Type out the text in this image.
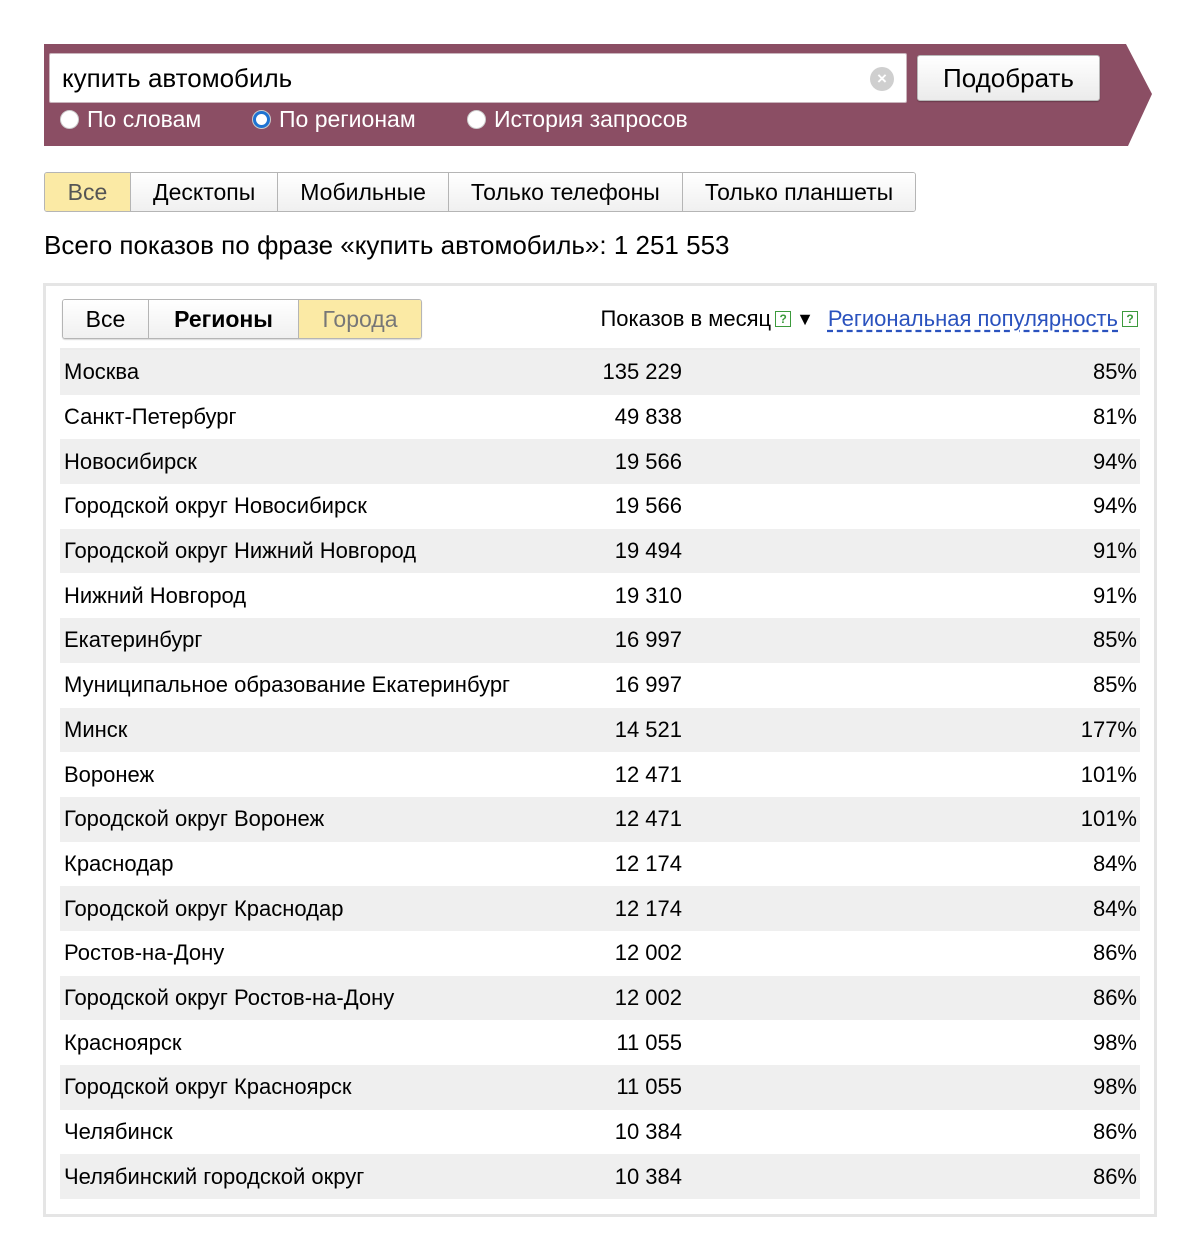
купить автомобиль
×	Подобрать
По словам	По регионам	История запросов
Все	Десктопы	Мобильные	Только телефоны	Только планшеты
Всего показов по фразе «купить автомобиль»: 1 251 553
Все	Регионы	Города	Показов в месяц ? ▼ Региональная популярность ?
Москва	135 229	85%
Санкт-Петербург	49 838	81%
Новосибирск	19 566	94%
Городской округ Новосибирск	19 566	94%
Городской округ Нижний Новгород	19 494	91%
Нижний Новгород	19 310	91%
Екатеринбург	16 997	85%
Муниципальное образование Екатеринбург	16 997	85%
Минск	14 521	177%
Воронеж	12 471	101%
Городской округ Воронеж	12 471	101%
Краснодар	12 174	84%
Городской округ Краснодар	12 174	84%
Ростов-на-Дону	12 002	86%
Городской округ Ростов-на-Дону	12 002	86%
Красноярск	11 055	98%
Городской округ Красноярск	11 055	98%
Челябинск	10 384	86%
Челябинский городской округ	10 384	86%
